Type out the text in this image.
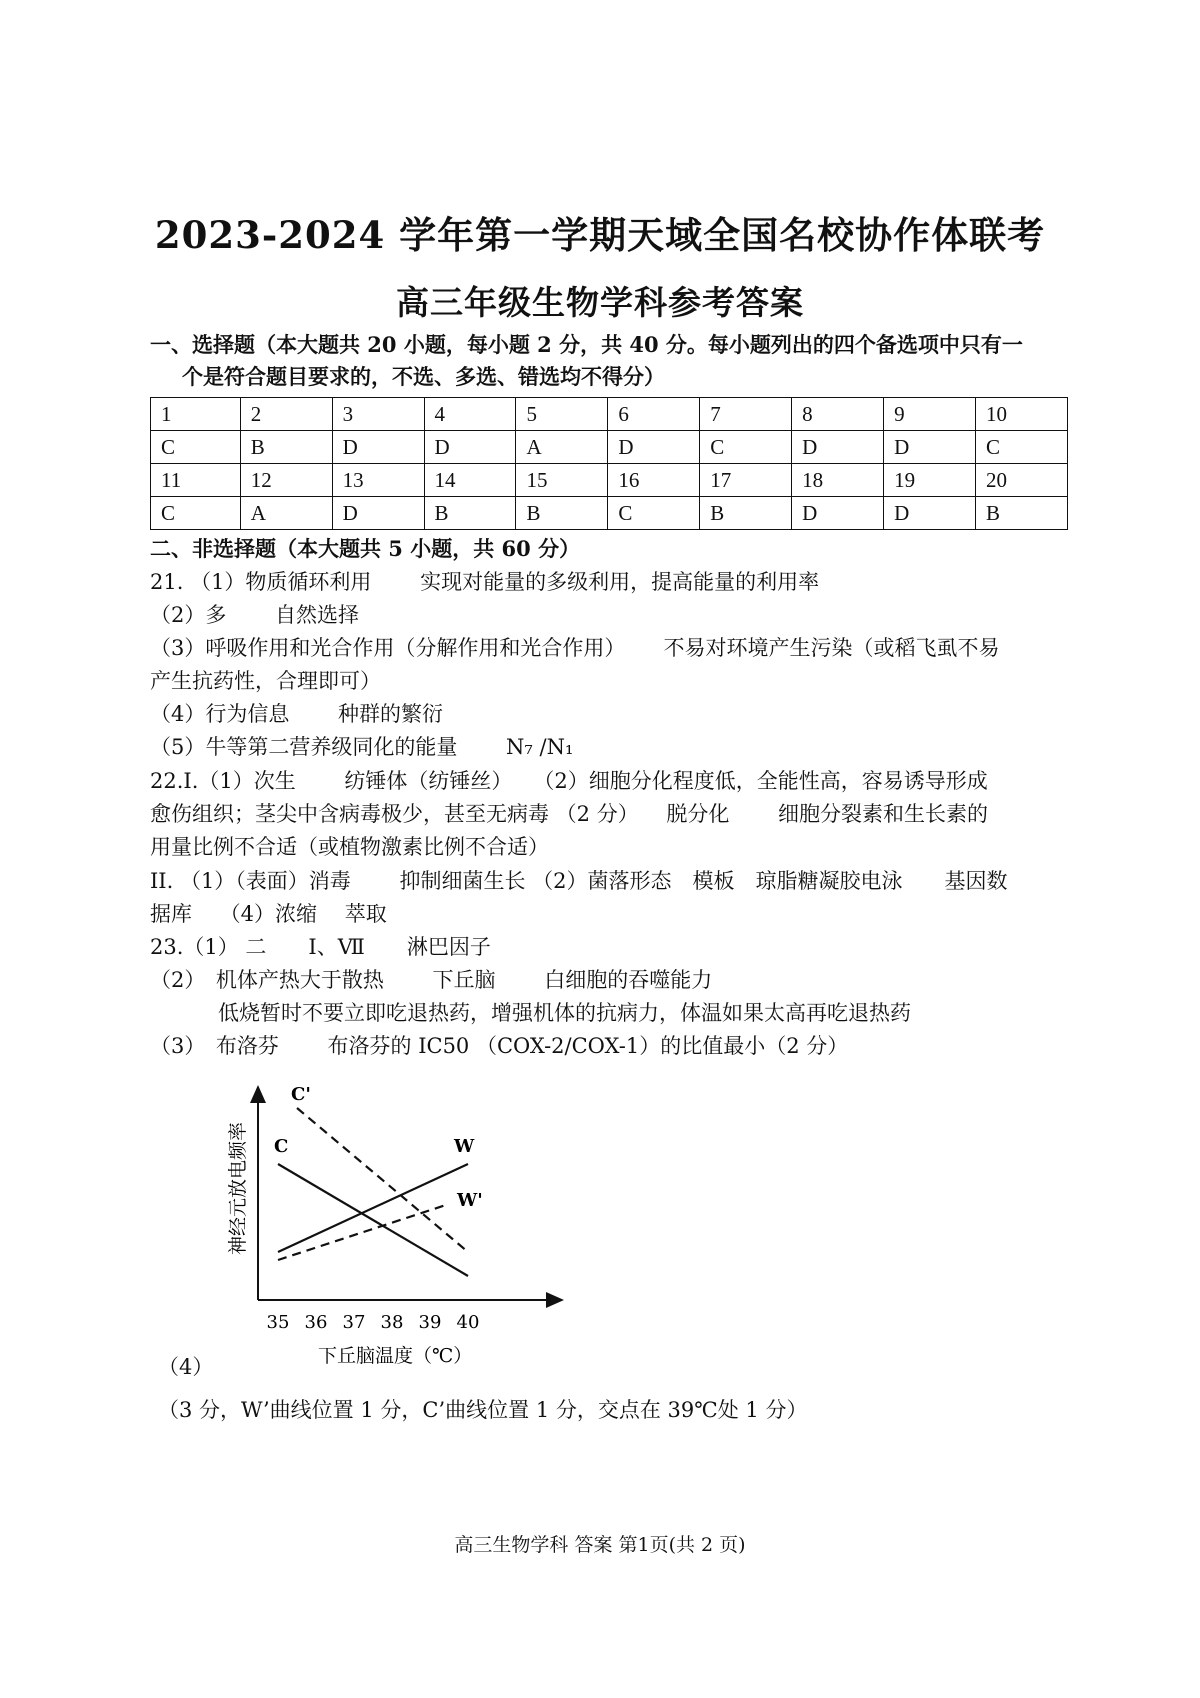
2023-2024 学年第一学期天域全国名校协作体联考
高三年级生物学科参考答案
一、选择题（本大题共 20 小题，每小题 2 分，共 40 分。每小题列出的四个备选项中只有一
个是符合题目要求的，不选、多选、错选均不得分）
1	2	3	4	5	6	7	8	9	10
C	B	D	D	A	D	C	D	D	C
11	12	13	14	15	16	17	18	19	20
C	A	D	B	B	C	B	D	D	B
二、非选择题（本大题共 5 小题，共 60 分）
21. （1）物质循环利用　　 实现对能量的多级利用，提高能量的利用率
（2）多　　 自然选择
（3）呼吸作用和光合作用（分解作用和光合作用）　　 不易对环境产生污染（或稻飞虱不易
产生抗药性，合理即可）
（4）行为信息　　 种群的繁衍
（5）牛等第二营养级同化的能量　　 N₇ /N₁
22.Ⅰ.（1）次生　　 纺锤体（纺锤丝）　　（2）细胞分化程度低，全能性高，容易诱导形成
愈伤组织；茎尖中含病毒极少，甚至无病毒 （2 分） 　脱分化　　 细胞分裂素和生长素的
用量比例不合适（或植物激素比例不合适）
II. （1）（表面）消毒　　 抑制细菌生长 （2）菌落形态　模板　琼脂糖凝胶电泳　　基因数
据库　 （4）浓缩　 萃取
23.（1） 二　　Ⅰ、Ⅶ　　淋巴因子
（2）　机体产热大于散热　　 下丘脑　　 白细胞的吞噬能力
低烧暂时不要立即吃退热药，增强机体的抗病力，体温如果太高再吃退热药
（3）　布洛芬　　 布洛芬的 IC50 （COX-2/COX-1）的比值最小（2 分）
神经元放电频率
下丘脑温度（℃）
35 36 37 38 39 40
C	W
C'
W'
（4）
（3 分，W’曲线位置 1 分，C’曲线位置 1 分，交点在 39℃处 1 分）
高三生物学科 答案 第1页(共 2 页)
